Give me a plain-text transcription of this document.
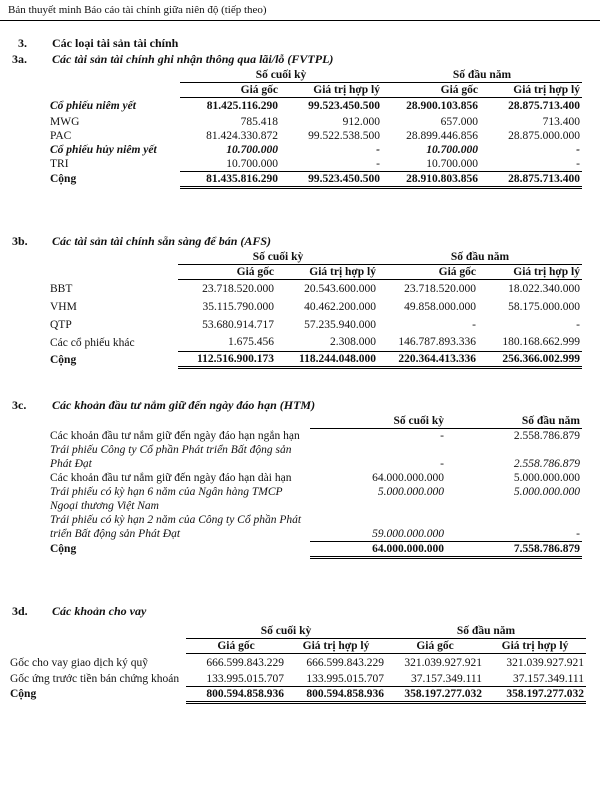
Bản thuyết minh Báo cáo tài chính giữa niên độ (tiếp theo)
3. Các loại tài sản tài chính
3a. Các tài sản tài chính ghi nhận thông qua lãi/lỗ (FVTPL)
	Số cuối kỳ		Số đầu năm	
	Giá gốc	Giá trị hợp lý	Giá gốc	Giá trị hợp lý
Cổ phiếu niêm yết	81.425.116.290	99.523.450.500	28.900.103.856	28.875.713.400
MWG	785.418	912.000	657.000	713.400
PAC	81.424.330.872	99.522.538.500	28.899.446.856	28.875.000.000
Cổ phiếu hủy niêm yết	10.700.000	-	10.700.000	-
TRI	10.700.000	-	10.700.000	-
Cộng	81.435.816.290	99.523.450.500	28.910.803.856	28.875.713.400
3b. Các tài sản tài chính sẵn sàng để bán (AFS)
	Số cuối kỳ		Số đầu năm	
	Giá gốc	Giá trị hợp lý	Giá gốc	Giá trị hợp lý
BBT	23.718.520.000	20.543.600.000	23.718.520.000	18.022.340.000
VHM	35.115.790.000	40.462.200.000	49.858.000.000	58.175.000.000
QTP	53.680.914.717	57.235.940.000	-	-
Các cổ phiếu khác	1.675.456	2.308.000	146.787.893.336	180.168.662.999
Cộng	112.516.900.173	118.244.048.000	220.364.413.336	256.366.002.999
3c. Các khoản đầu tư nắm giữ đến ngày đáo hạn (HTM)
	Số cuối kỳ	Số đầu năm
Các khoản đầu tư nắm giữ đến ngày đáo hạn ngắn hạn	-	2.558.786.879
Trái phiếu Công ty Cổ phần Phát triển Bất động sản Phát Đạt	-	2.558.786.879
Các khoản đầu tư nắm giữ đến ngày đáo hạn dài hạn	64.000.000.000	5.000.000.000
Trái phiếu có kỳ hạn 6 năm của Ngân hàng TMCP Ngoại thương Việt Nam	5.000.000.000	5.000.000.000
Trái phiếu có kỳ hạn 2 năm của Công ty Cổ phần Phát triển Bất động sản Phát Đạt	59.000.000.000	-
Cộng	64.000.000.000	7.558.786.879
3d. Các khoản cho vay
	Số cuối kỳ		Số đầu năm	
	Giá gốc	Giá trị hợp lý	Giá gốc	Giá trị hợp lý
Gốc cho vay giao dịch ký quỹ	666.599.843.229	666.599.843.229	321.039.927.921	321.039.927.921
Gốc ứng trước tiền bán chứng khoán	133.995.015.707	133.995.015.707	37.157.349.111	37.157.349.111
Cộng	800.594.858.936	800.594.858.936	358.197.277.032	358.197.277.032
